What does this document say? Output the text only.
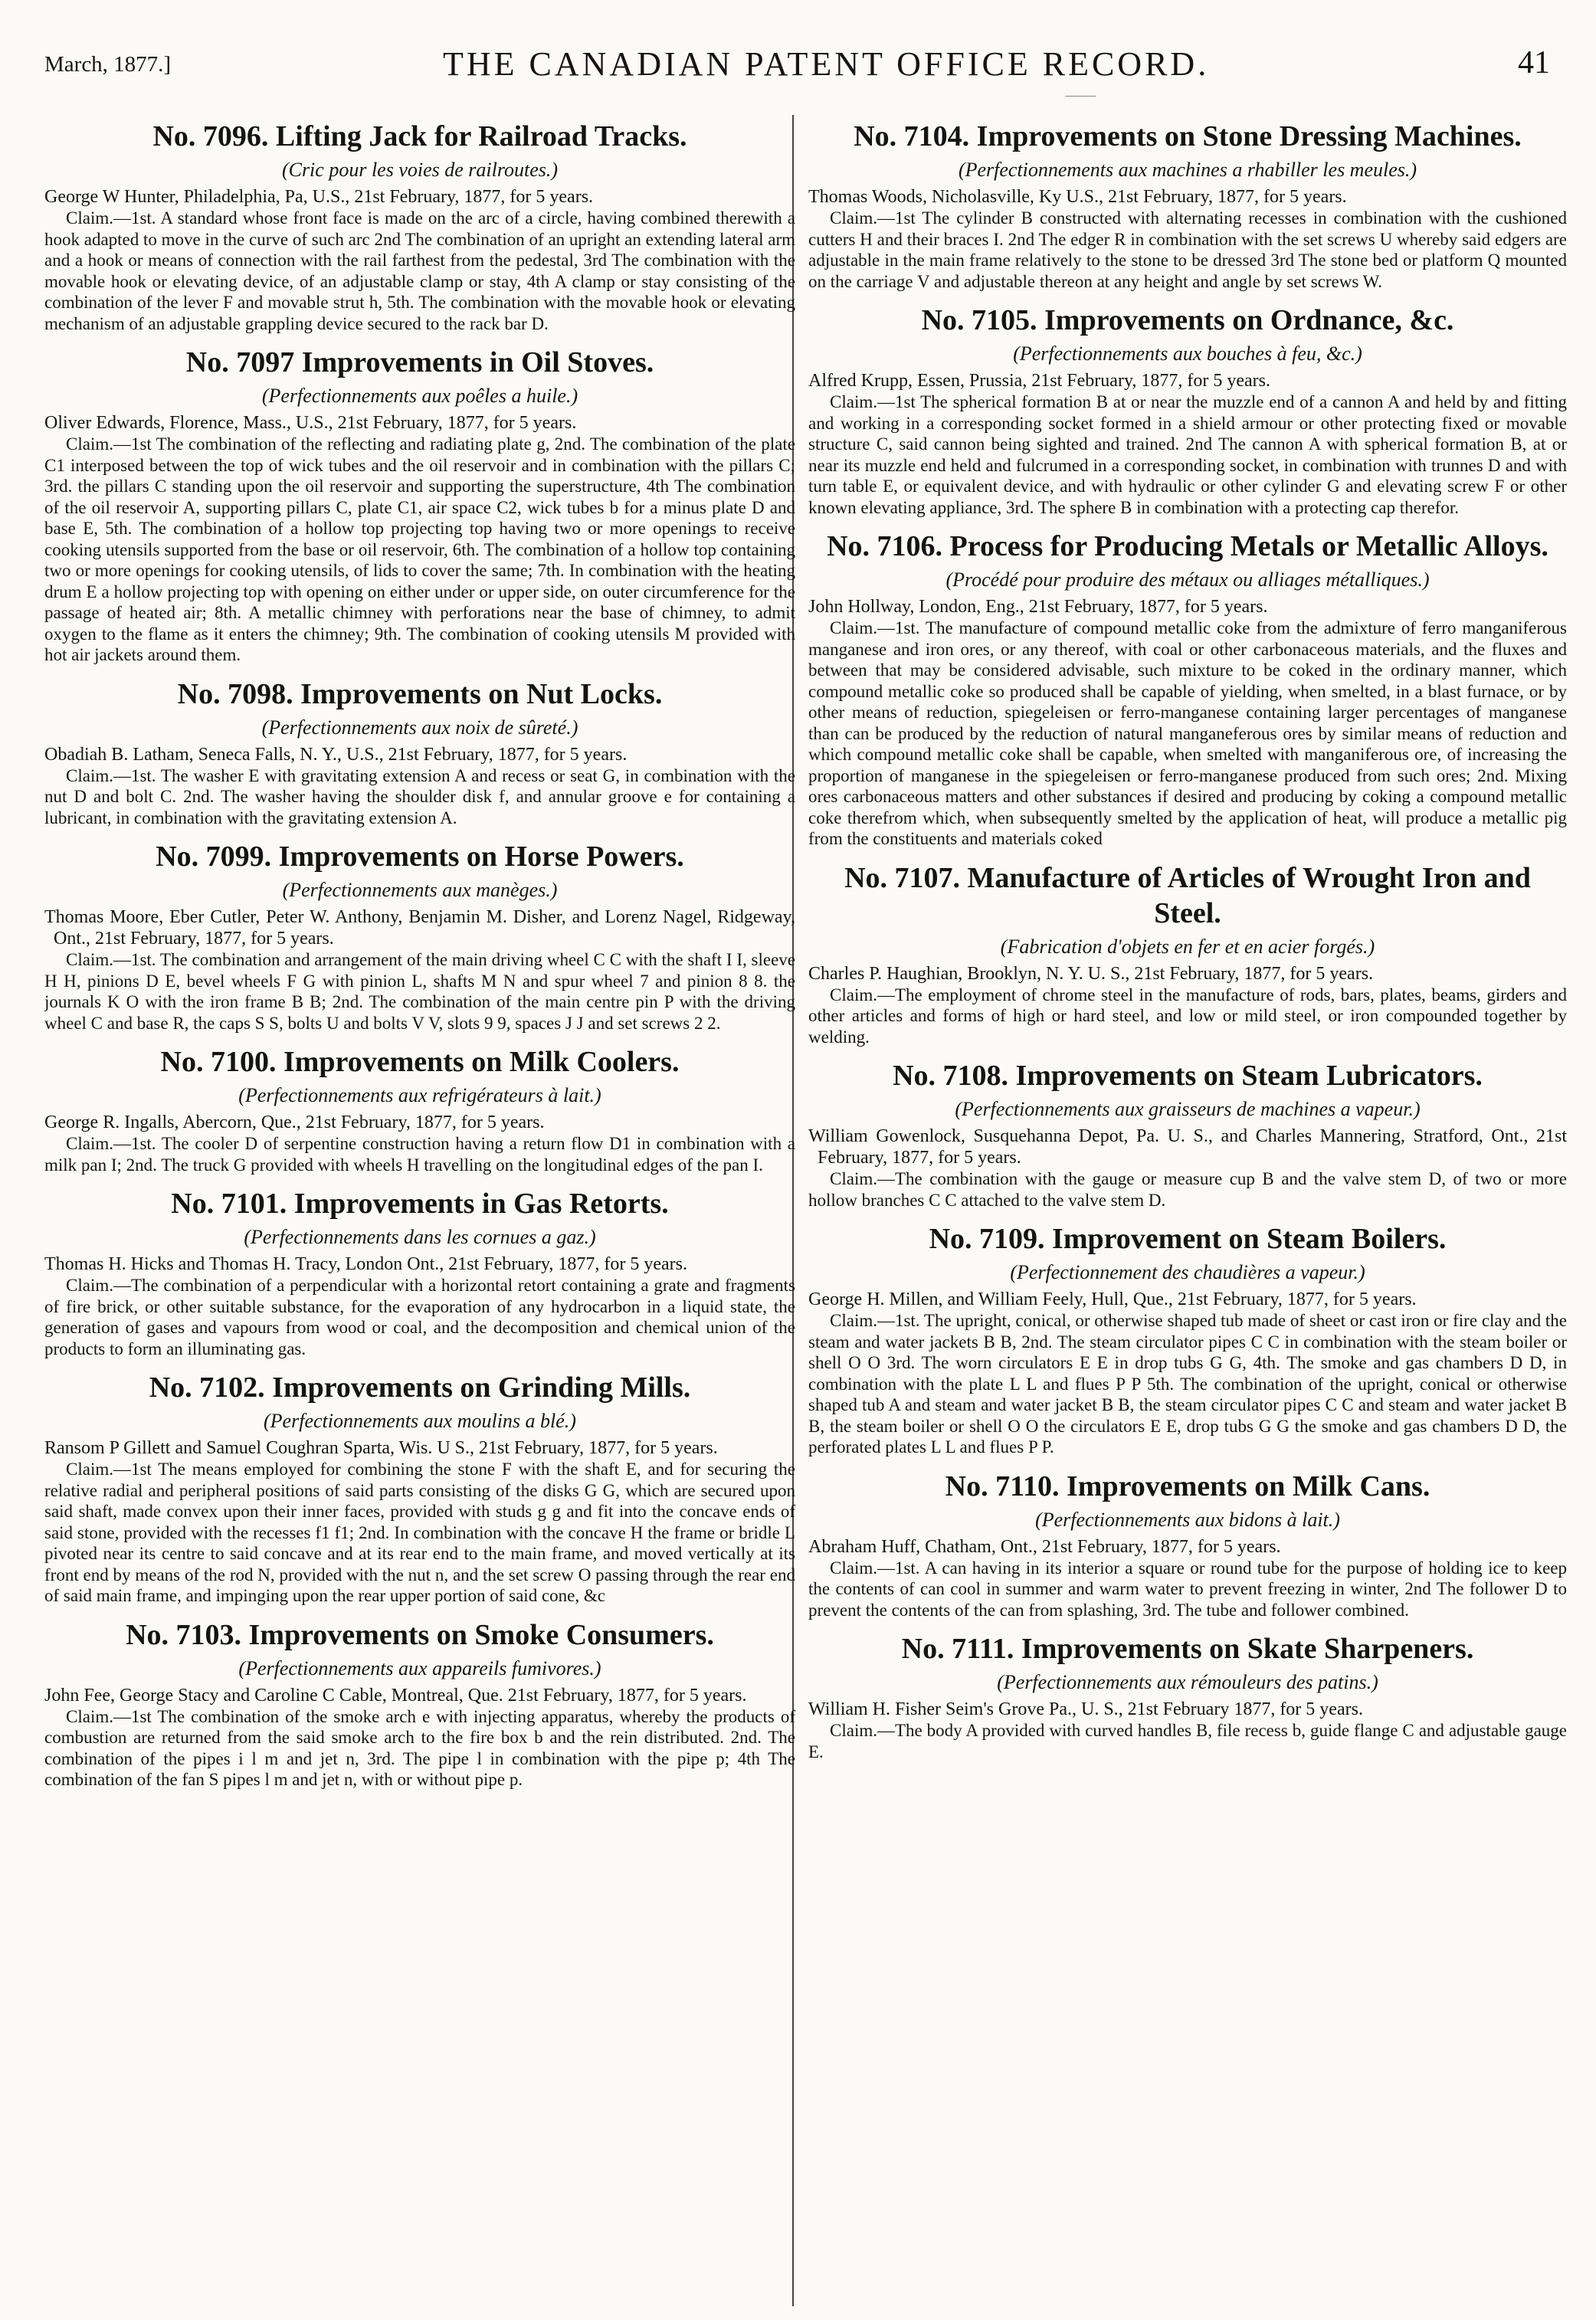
March, 1877.]	THE CANADIAN PATENT OFFICE RECORD.	41
No. 7096. Lifting Jack for Railroad Tracks.
(Cric pour les voies de railroutes.)
George W Hunter, Philadelphia, Pa, U.S., 21st February, 1877, for 5 years.
Claim.—1st. A standard whose front face is made on the arc of a circle, having combined therewith a hook adapted to move in the curve of such arc 2nd The combination of an upright an extending lateral arm and a hook or means of connection with the rail farthest from the pedestal, 3rd The combination with the movable hook or elevating device, of an adjustable clamp or stay, 4th A clamp or stay consisting of the combination of the lever F and movable strut h, 5th. The combination with the movable hook or elevating mechanism of an adjustable grappling device secured to the rack bar D.
No. 7097 Improvements in Oil Stoves.
(Perfectionnements aux poêles a huile.)
Oliver Edwards, Florence, Mass., U.S., 21st February, 1877, for 5 years.
Claim.—1st The combination of the reflecting and radiating plate g, 2nd. The combination of the plate C1 interposed between the top of wick tubes and the oil reservoir and in combination with the pillars C; 3rd. the pillars C standing upon the oil reservoir and supporting the superstructure, 4th The combination of the oil reservoir A, supporting pillars C, plate C1, air space C2, wick tubes b for a minus plate D and base E, 5th. The combination of a hollow top projecting top having two or more openings to receive cooking utensils supported from the base or oil reservoir, 6th. The combination of a hollow top containing two or more openings for cooking utensils, of lids to cover the same; 7th. In combination with the heating drum E a hollow projecting top with opening on either under or upper side, on outer circumference for the passage of heated air; 8th. A metallic chimney with perforations near the base of chimney, to admit oxygen to the flame as it enters the chimney; 9th. The combination of cooking utensils M provided with hot air jackets around them.
No. 7098. Improvements on Nut Locks.
(Perfectionnements aux noix de sûreté.)
Obadiah B. Latham, Seneca Falls, N. Y., U.S., 21st February, 1877, for 5 years.
Claim.—1st. The washer E with gravitating extension A and recess or seat G, in combination with the nut D and bolt C. 2nd. The washer having the shoulder disk f, and annular groove e for containing a lubricant, in combination with the gravitating extension A.
No. 7099. Improvements on Horse Powers.
(Perfectionnements aux manèges.)
Thomas Moore, Eber Cutler, Peter W. Anthony, Benjamin M. Disher, and Lorenz Nagel, Ridgeway, Ont., 21st February, 1877, for 5 years.
Claim.—1st. The combination and arrangement of the main driving wheel C C with the shaft I I, sleeve H H, pinions D E, bevel wheels F G with pinion L, shafts M N and spur wheel 7 and pinion 8 8. the journals K O with the iron frame B B; 2nd. The combination of the main centre pin P with the driving wheel C and base R, the caps S S, bolts U and bolts V V, slots 9 9, spaces J J and set screws 2 2.
No. 7100. Improvements on Milk Coolers.
(Perfectionnements aux refrigérateurs à lait.)
George R. Ingalls, Abercorn, Que., 21st February, 1877, for 5 years.
Claim.—1st. The cooler D of serpentine construction having a return flow D1 in combination with a milk pan I; 2nd. The truck G provided with wheels H travelling on the longitudinal edges of the pan I.
No. 7101. Improvements in Gas Retorts.
(Perfectionnements dans les cornues a gaz.)
Thomas H. Hicks and Thomas H. Tracy, London Ont., 21st February, 1877, for 5 years.
Claim.—The combination of a perpendicular with a horizontal retort containing a grate and fragments of fire brick, or other suitable substance, for the evaporation of any hydrocarbon in a liquid state, the generation of gases and vapours from wood or coal, and the decomposition and chemical union of the products to form an illuminating gas.
No. 7102. Improvements on Grinding Mills.
(Perfectionnements aux moulins a blé.)
Ransom P Gillett and Samuel Coughran Sparta, Wis. U S., 21st February, 1877, for 5 years.
Claim.—1st The means employed for combining the stone F with the shaft E, and for securing the relative radial and peripheral positions of said parts consisting of the disks G G, which are secured upon said shaft, made convex upon their inner faces, provided with studs g g and fit into the concave ends of said stone, provided with the recesses f1 f1; 2nd. In combination with the concave H the frame or bridle L pivoted near its centre to said concave and at its rear end to the main frame, and moved vertically at its front end by means of the rod N, provided with the nut n, and the set screw O passing through the rear end of said main frame, and impinging upon the rear upper portion of said cone, &c
No. 7103. Improvements on Smoke Consumers.
(Perfectionnements aux appareils fumivores.)
John Fee, George Stacy and Caroline C Cable, Montreal, Que. 21st February, 1877, for 5 years.
Claim.—1st The combination of the smoke arch e with injecting apparatus, whereby the products of combustion are returned from the said smoke arch to the fire box b and the rein distributed. 2nd. The combination of the pipes i l m and jet n, 3rd. The pipe l in combination with the pipe p; 4th The combination of the fan S pipes l m and jet n, with or without pipe p.
No. 7104. Improvements on Stone Dressing Machines.
(Perfectionnements aux machines a rhabiller les meules.)
Thomas Woods, Nicholasville, Ky U.S., 21st February, 1877, for 5 years.
Claim.—1st The cylinder B constructed with alternating recesses in combination with the cushioned cutters H and their braces I. 2nd The edger R in combination with the set screws U whereby said edgers are adjustable in the main frame relatively to the stone to be dressed 3rd The stone bed or platform Q mounted on the carriage V and adjustable thereon at any height and angle by set screws W.
No. 7105. Improvements on Ordnance, &c.
(Perfectionnements aux bouches à feu, &c.)
Alfred Krupp, Essen, Prussia, 21st February, 1877, for 5 years.
Claim.—1st The spherical formation B at or near the muzzle end of a cannon A and held by and fitting and working in a corresponding socket formed in a shield armour or other protecting fixed or movable structure C, said cannon being sighted and trained. 2nd The cannon A with spherical formation B, at or near its muzzle end held and fulcrumed in a corresponding socket, in combination with trunnes D and with turn table E, or equivalent device, and with hydraulic or other cylinder G and elevating screw F or other known elevating appliance, 3rd. The sphere B in combination with a protecting cap therefor.
No. 7106. Process for Producing Metals or Metallic Alloys.
(Procédé pour produire des métaux ou alliages métalliques.)
John Hollway, London, Eng., 21st February, 1877, for 5 years.
Claim.—1st. The manufacture of compound metallic coke from the admixture of ferro manganiferous manganese and iron ores, or any thereof, with coal or other carbonaceous materials, and the fluxes and between that may be considered advisable, such mixture to be coked in the ordinary manner, which compound metallic coke so produced shall be capable of yielding, when smelted, in a blast furnace, or by other means of reduction, spiegeleisen or ferro-manganese containing larger percentages of manganese than can be produced by the reduction of natural manganeferous ores by similar means of reduction and which compound metallic coke shall be capable, when smelted with manganiferous ore, of increasing the proportion of manganese in the spiegeleisen or ferro-manganese produced from such ores; 2nd. Mixing ores carbonaceous matters and other substances if desired and producing by coking a compound metallic coke therefrom which, when subsequently smelted by the application of heat, will produce a metallic pig from the constituents and materials coked
No. 7107. Manufacture of Articles of Wrought Iron and Steel.
(Fabrication d'objets en fer et en acier forgés.)
Charles P. Haughian, Brooklyn, N. Y. U. S., 21st February, 1877, for 5 years.
Claim.—The employment of chrome steel in the manufacture of rods, bars, plates, beams, girders and other articles and forms of high or hard steel, and low or mild steel, or iron compounded together by welding.
No. 7108. Improvements on Steam Lubricators.
(Perfectionnements aux graisseurs de machines a vapeur.)
William Gowenlock, Susquehanna Depot, Pa. U. S., and Charles Mannering, Stratford, Ont., 21st February, 1877, for 5 years.
Claim.—The combination with the gauge or measure cup B and the valve stem D, of two or more hollow branches C C attached to the valve stem D.
No. 7109. Improvement on Steam Boilers.
(Perfectionnement des chaudières a vapeur.)
George H. Millen, and William Feely, Hull, Que., 21st February, 1877, for 5 years.
Claim.—1st. The upright, conical, or otherwise shaped tub made of sheet or cast iron or fire clay and the steam and water jackets B B, 2nd. The steam circulator pipes C C in combination with the steam boiler or shell O O 3rd. The worn circulators E E in drop tubs G G, 4th. The smoke and gas chambers D D, in combination with the plate L L and flues P P 5th. The combination of the upright, conical or otherwise shaped tub A and steam and water jacket B B, the steam circulator pipes C C and steam and water jacket B B, the steam boiler or shell O O the circulators E E, drop tubs G G the smoke and gas chambers D D, the perforated plates L L and flues P P.
No. 7110. Improvements on Milk Cans.
(Perfectionnements aux bidons à lait.)
Abraham Huff, Chatham, Ont., 21st February, 1877, for 5 years.
Claim.—1st. A can having in its interior a square or round tube for the purpose of holding ice to keep the contents of can cool in summer and warm water to prevent freezing in winter, 2nd The follower D to prevent the contents of the can from splashing, 3rd. The tube and follower combined.
No. 7111. Improvements on Skate Sharpeners.
(Perfectionnements aux rémouleurs des patins.)
William H. Fisher Seim's Grove Pa., U. S., 21st February 1877, for 5 years.
Claim.—The body A provided with curved handles B, file recess b, guide flange C and adjustable gauge E.
